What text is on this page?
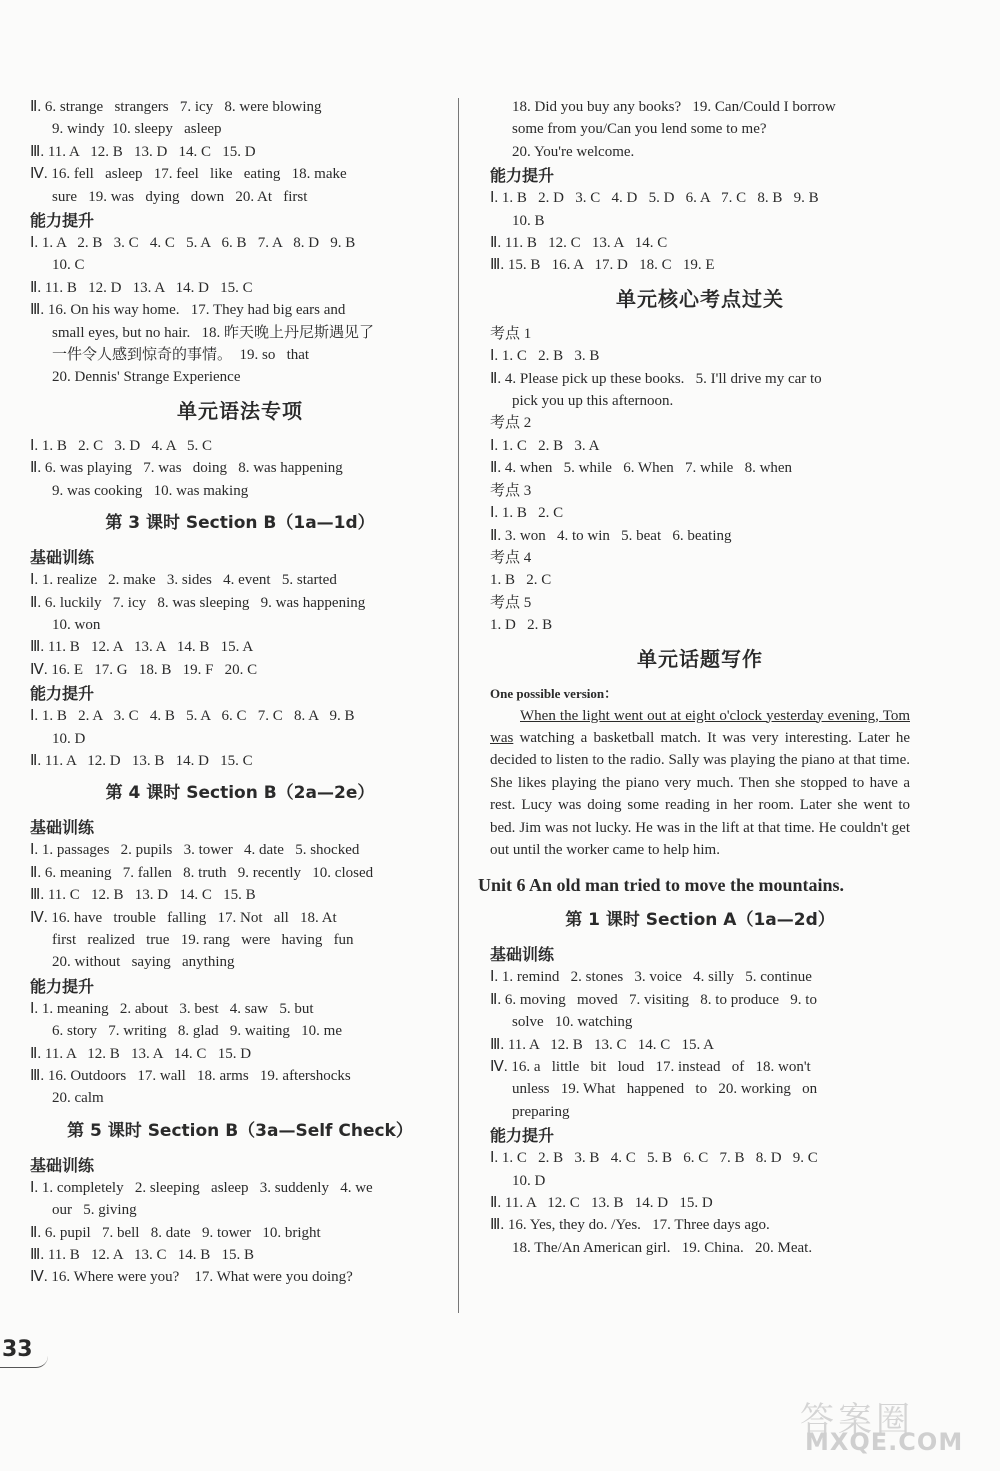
Ⅱ. 6. strange   strangers   7. icy   8. were blowing
9. windy  10. sleepy   asleep
Ⅲ. 11. A   12. B   13. D   14. C   15. D
Ⅳ. 16. fell   asleep   17. feel   like   eating   18. make
sure   19. was   dying   down   20. At   first
能力提升
Ⅰ. 1. A   2. B   3. C   4. C   5. A   6. B   7. A   8. D   9. B
10. C
Ⅱ. 11. B   12. D   13. A   14. D   15. C
Ⅲ. 16. On his way home.   17. They had big ears and
small eyes, but no hair.   18. 昨天晚上丹尼斯遇见了
一件令人感到惊奇的事情。  19. so   that
20. Dennis' Strange Experience
单元语法专项
Ⅰ. 1. B   2. C   3. D   4. A   5. C
Ⅱ. 6. was playing   7. was   doing   8. was happening
9. was cooking   10. was making
第 3 课时 Section B（1a—1d）
基础训练
Ⅰ. 1. realize   2. make   3. sides   4. event   5. started
Ⅱ. 6. luckily   7. icy   8. was sleeping   9. was happening
10. won
Ⅲ. 11. B   12. A   13. A   14. B   15. A
Ⅳ. 16. E   17. G   18. B   19. F   20. C
能力提升
Ⅰ. 1. B   2. A   3. C   4. B   5. A   6. C   7. C   8. A   9. B
10. D
Ⅱ. 11. A   12. D   13. B   14. D   15. C
第 4 课时 Section B（2a—2e）
基础训练
Ⅰ. 1. passages   2. pupils   3. tower   4. date   5. shocked
Ⅱ. 6. meaning   7. fallen   8. truth   9. recently   10. closed
Ⅲ. 11. C   12. B   13. D   14. C   15. B
Ⅳ. 16. have   trouble   falling   17. Not   all   18. At
first   realized   true   19. rang   were   having   fun
20. without   saying   anything
能力提升
Ⅰ. 1. meaning   2. about   3. best   4. saw   5. but
6. story   7. writing   8. glad   9. waiting   10. me
Ⅱ. 11. A   12. B   13. A   14. C   15. D
Ⅲ. 16. Outdoors   17. wall   18. arms   19. aftershocks
20. calm
第 5 课时 Section B（3a—Self Check）
基础训练
Ⅰ. 1. completely   2. sleeping   asleep   3. suddenly   4. we
our   5. giving
Ⅱ. 6. pupil   7. bell   8. date   9. tower   10. bright
Ⅲ. 11. B   12. A   13. C   14. B   15. B
Ⅳ. 16. Where were you?    17. What were you doing?
18. Did you buy any books?   19. Can/Could I borrow
some from you/Can you lend some to me?
20. You're welcome.
能力提升
Ⅰ. 1. B   2. D   3. C   4. D   5. D   6. A   7. C   8. B   9. B
10. B
Ⅱ. 11. B   12. C   13. A   14. C
Ⅲ. 15. B   16. A   17. D   18. C   19. E
单元核心考点过关
考点 1
Ⅰ. 1. C   2. B   3. B
Ⅱ. 4. Please pick up these books.   5. I'll drive my car to
pick you up this afternoon.
考点 2
Ⅰ. 1. C   2. B   3. A
Ⅱ. 4. when   5. while   6. When   7. while   8. when
考点 3
Ⅰ. 1. B   2. C
Ⅱ. 3. won   4. to win   5. beat   6. beating
考点 4
1. B   2. C
考点 5
1. D   2. B
单元话题写作
One possible version：
When the light went out at eight o'clock yesterday evening, Tom was watching a basketball match. It was very interesting. Later he decided to listen to the radio. Sally was playing the piano at that time. She likes playing the piano very much. Then she stopped to have a rest. Lucy was doing some reading in her room. Later she went to bed. Jim was not lucky. He was in the lift at that time. He couldn't get out until the worker came to help him.
Unit 6 An old man tried to move the mountains.
第 1 课时 Section A（1a—2d）
基础训练
Ⅰ. 1. remind   2. stones   3. voice   4. silly   5. continue
Ⅱ. 6. moving   moved   7. visiting   8. to produce   9. to
solve   10. watching
Ⅲ. 11. A   12. B   13. C   14. C   15. A
Ⅳ. 16. a   little   bit   loud   17. instead   of   18. won't
unless   19. What   happened   to   20. working   on
preparing
能力提升
Ⅰ. 1. C   2. B   3. B   4. C   5. B   6. C   7. B   8. D   9. C
10. D
Ⅱ. 11. A   12. C   13. B   14. D   15. D
Ⅲ. 16. Yes, they do. /Yes.   17. Three days ago.
18. The/An American girl.   19. China.   20. Meat.
33
答案圈
MXQE.COM
